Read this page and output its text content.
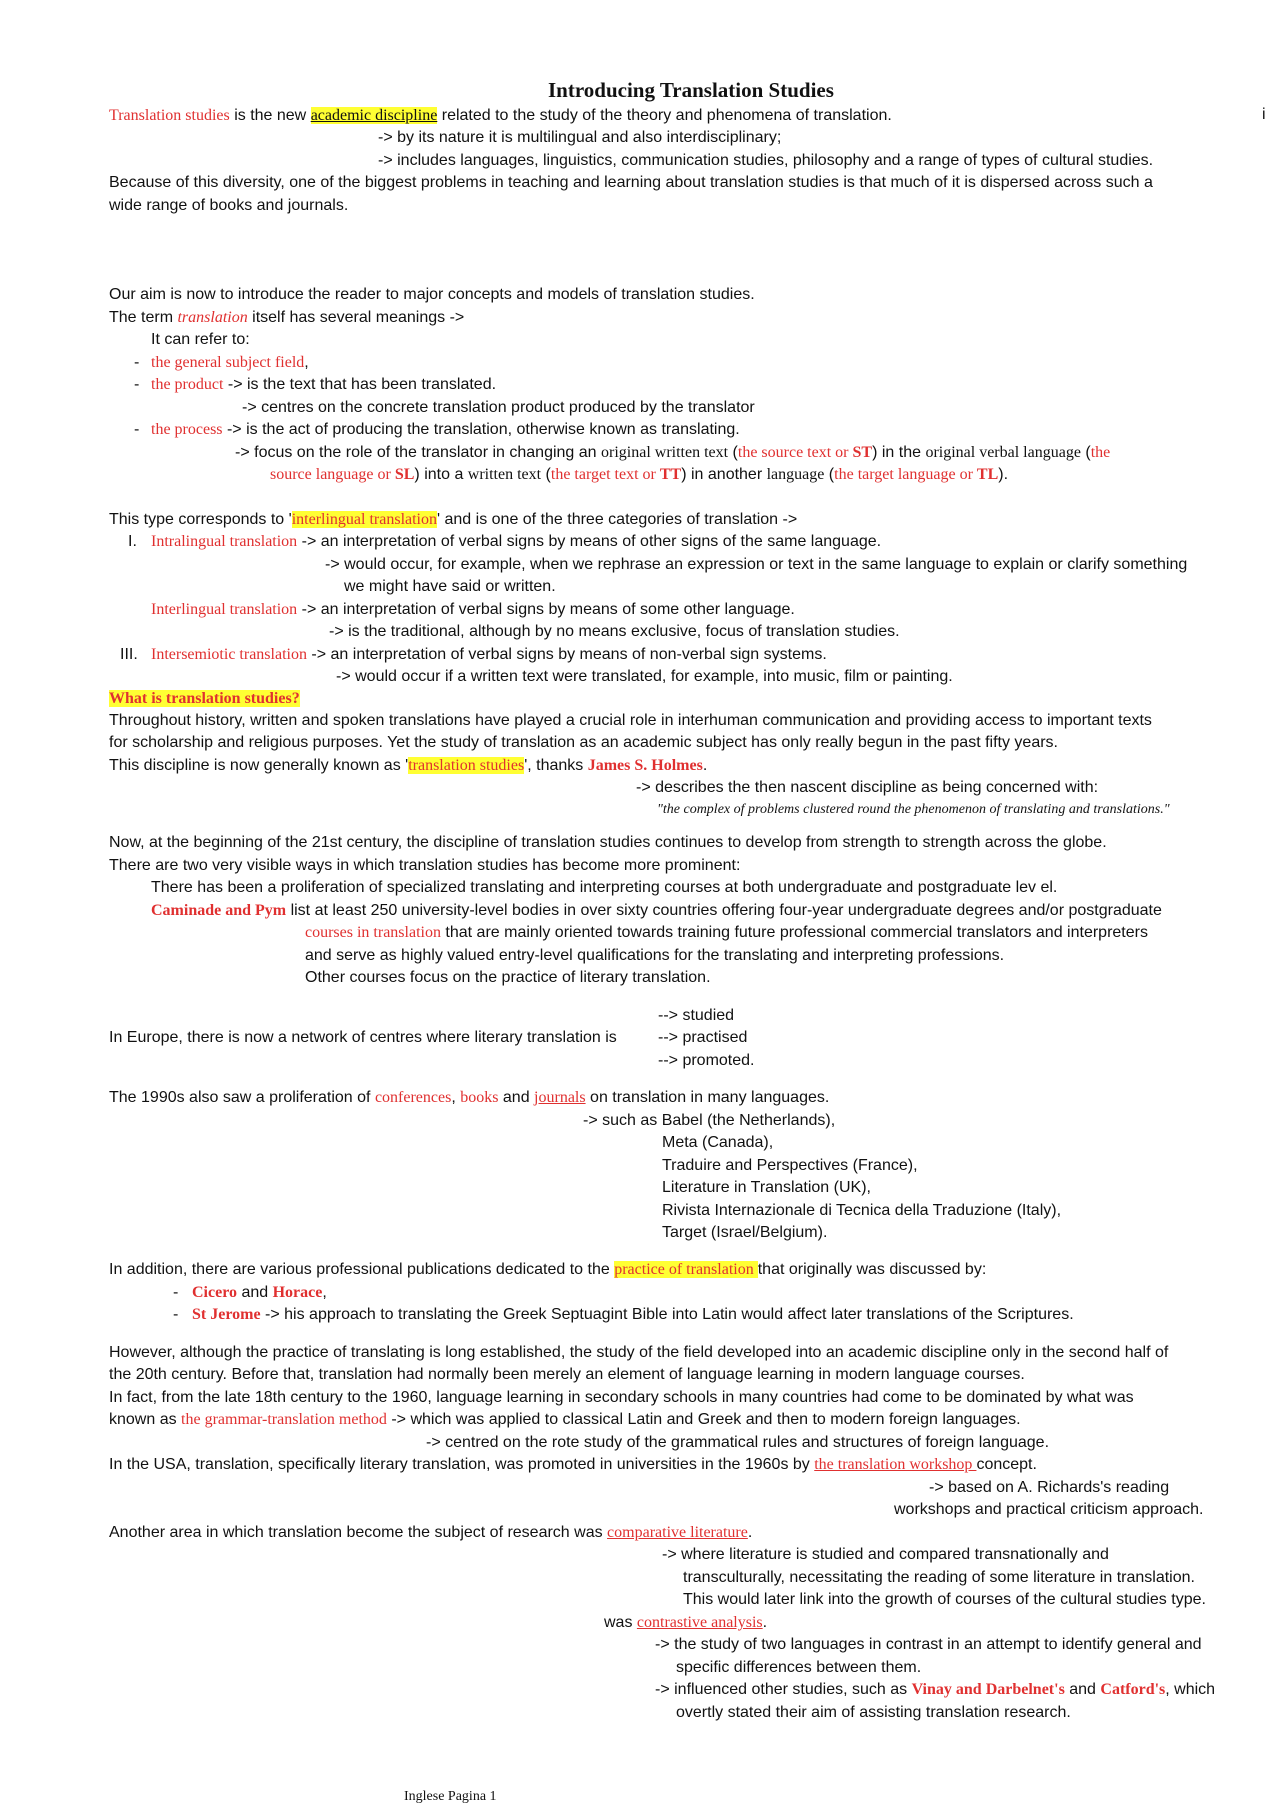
Introducing Translation Studies
i
Translation studies is the new academic discipline related to the study of the theory and phenomena of translation.
-> by its nature it is multilingual and also interdisciplinary;
-> includes languages, linguistics, communication studies, philosophy and a range of types of cultural studies.
Because of this diversity, one of the biggest problems in teaching and learning about translation studies is that much of it is dispersed across such a
wide range of books and journals.
Our aim is now to introduce the reader to major concepts and models of translation studies.
The term translation itself has several meanings ->
It can refer to:
- the general subject field,
- the product -> is the text that has been translated.
-> centres on the concrete translation product produced by the translator
- the process -> is the act of producing the translation, otherwise known as translating.
-> focus on the role of the translator in changing an original written text (the source text or ST) in the original verbal language (the
source language or SL) into a written text (the target text or TT) in another language (the target language or TL).
This type corresponds to 'interlingual translation' and is one of the three categories of translation ->
I. Intralingual translation -> an interpretation of verbal signs by means of other signs of the same language.
-> would occur, for example, when we rephrase an expression or text in the same language to explain or clarify something
we might have said or written.
Interlingual translation -> an interpretation of verbal signs by means of some other language.
-> is the traditional, although by no means exclusive, focus of translation studies.
III. Intersemiotic translation -> an interpretation of verbal signs by means of non-verbal sign systems.
-> would occur if a written text were translated, for example, into music, film or painting.
What is translation studies?
Throughout history, written and spoken translations have played a crucial role in interhuman communication and providing access to important texts
for scholarship and religious purposes. Yet the study of translation as an academic subject has only really begun in the past fifty years.
This discipline is now generally known as 'translation studies', thanks James S. Holmes.
-> describes the then nascent discipline as being concerned with:
"the complex of problems clustered round the phenomenon of translating and translations."
Now, at the beginning of the 21st century, the discipline of translation studies continues to develop from strength to strength across the globe.
There are two very visible ways in which translation studies has become more prominent:
There has been a proliferation of specialized translating and interpreting courses at both undergraduate and postgraduate lev el.
Caminade and Pym list at least 250 university-level bodies in over sixty countries offering four-year undergraduate degrees and/or postgraduate
courses in translation that are mainly oriented towards training future professional commercial translators and interpreters
and serve as highly valued entry-level qualifications for the translating and interpreting professions.
Other courses focus on the practice of literary translation.
--> studied
In Europe, there is now a network of centres where literary translation is	--> practised
--> promoted.
The 1990s also saw a proliferation of conferences, books and journals on translation in many languages.
-> such as Babel (the Netherlands),
Meta (Canada),
Traduire and Perspectives (France),
Literature in Translation (UK),
Rivista Internazionale di Tecnica della Traduzione (Italy),
Target (Israel/Belgium).
In addition, there are various professional publications dedicated to the practice of translation that originally was discussed by:
- Cicero and Horace,
- St Jerome -> his approach to translating the Greek Septuagint Bible into Latin would affect later translations of the Scriptures.
However, although the practice of translating is long established, the study of the field developed into an academic discipline only in the second half of
the 20th century. Before that, translation had normally been merely an element of language learning in modern language courses.
In fact, from the late 18th century to the 1960, language learning in secondary schools in many countries had come to be dominated by what was
known as the grammar-translation method -> which was applied to classical Latin and Greek and then to modern foreign languages.
-> centred on the rote study of the grammatical rules and structures of foreign language.
In the USA, translation, specifically literary translation, was promoted in universities in the 1960s by the translation workshop concept.
-> based on A. Richards's reading
workshops and practical criticism approach.
Another area in which translation become the subject of research was comparative literature.
-> where literature is studied and compared transnationally and
transculturally, necessitating the reading of some literature in translation.
This would later link into the growth of courses of the cultural studies type.
was contrastive analysis.
-> the study of two languages in contrast in an attempt to identify general and
specific differences between them.
-> influenced other studies, such as Vinay and Darbelnet's and Catford's, which
overtly stated their aim of assisting translation research.
Inglese Pagina 1
